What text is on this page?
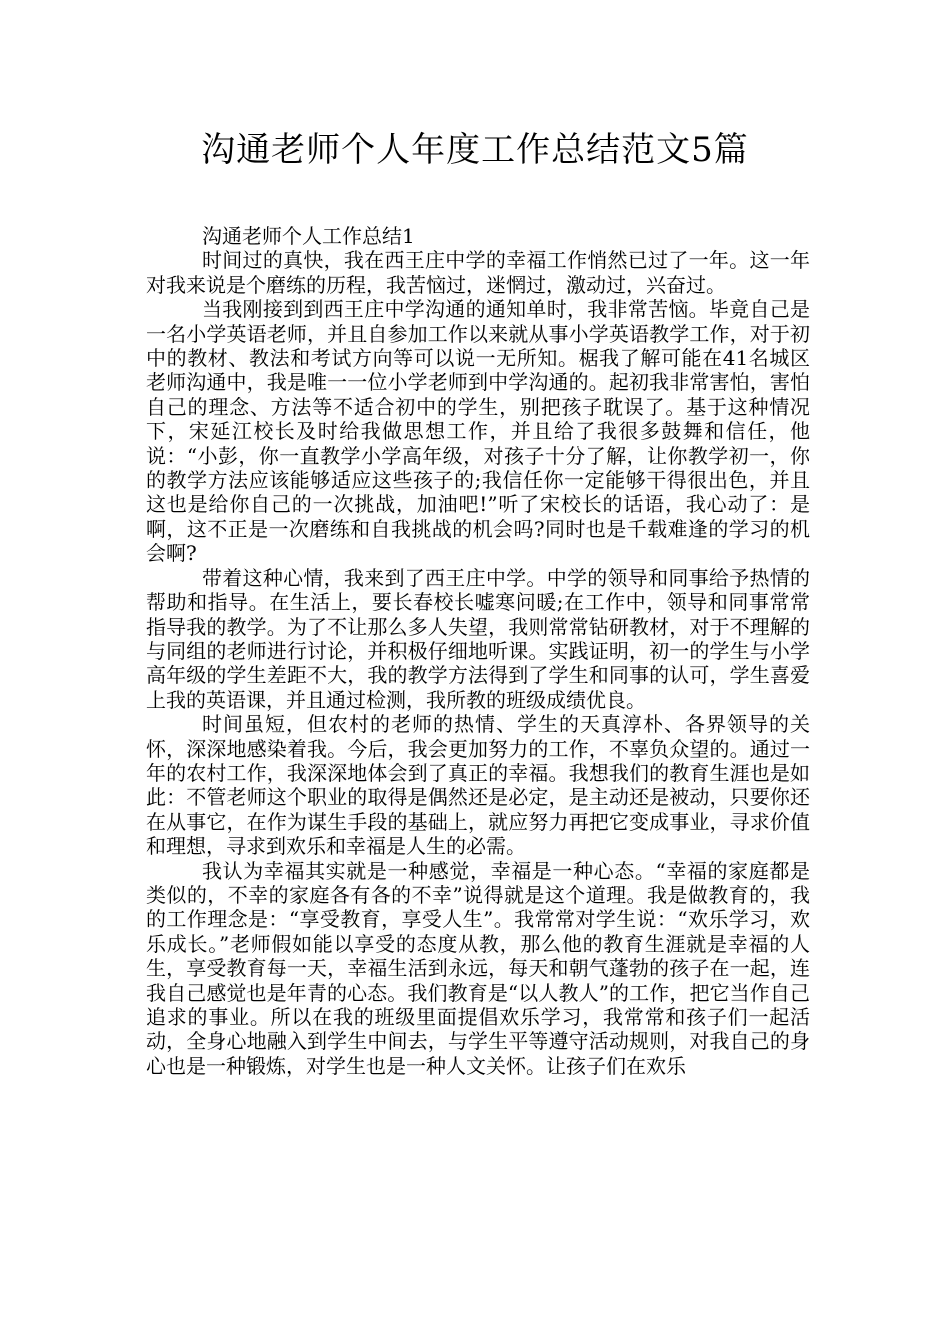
沟通老师个人年度工作总结范文5篇

沟通老师个人工作总结1

时间过的真快，我在西王庄中学的幸福工作悄然已过了一年。这一年对我来说是个磨练的历程，我苦恼过，迷惘过，激动过，兴奋过。

当我刚接到到西王庄中学沟通的通知单时，我非常苦恼。毕竟自己是一名小学英语老师，并且自参加工作以来就从事小学英语教学工作，对于初中的教材、教法和考试方向等可以说一无所知。椐我了解可能在41名城区老师沟通中，我是唯一一位小学老师到中学沟通的。起初我非常害怕，害怕自己的理念、方法等不适合初中的学生，别把孩子耽误了。基于这种情况下，宋延江校长及时给我做思想工作，并且给了我很多鼓舞和信任，他说：“小彭，你一直教学小学高年级，对孩子十分了解，让你教学初一，你的教学方法应该能够适应这些孩子的;我信任你一定能够干得很出色，并且这也是给你自己的一次挑战，加油吧!”听了宋校长的话语，我心动了：是啊，这不正是一次磨练和自我挑战的机会吗?同时也是千载难逢的学习的机会啊?

带着这种心情，我来到了西王庄中学。中学的领导和同事给予热情的帮助和指导。在生活上，要长春校长嘘寒问暖;在工作中，领导和同事常常指导我的教学。为了不让那么多人失望，我则常常钻研教材，对于不理解的与同组的老师进行讨论，并积极仔细地听课。实践证明，初一的学生与小学高年级的学生差距不大，我的教学方法得到了学生和同事的认可，学生喜爱上我的英语课，并且通过检测，我所教的班级成绩优良。

时间虽短，但农村的老师的热情、学生的天真淳朴、各界领导的关怀，深深地感染着我。今后，我会更加努力的工作，不辜负众望的。通过一年的农村工作，我深深地体会到了真正的幸福。我想我们的教育生涯也是如此：不管老师这个职业的取得是偶然还是必定，是主动还是被动，只要你还在从事它，在作为谋生手段的基础上，就应努力再把它变成事业，寻求价值和理想，寻求到欢乐和幸福是人生的必需。

我认为幸福其实就是一种感觉，幸福是一种心态。“幸福的家庭都是类似的，不幸的家庭各有各的不幸”说得就是这个道理。我是做教育的，我的工作理念是：“享受教育，享受人生”。我常常对学生说：“欢乐学习，欢乐成长。”老师假如能以享受的态度从教，那么他的教育生涯就是幸福的人生，享受教育每一天，幸福生活到永远，每天和朝气蓬勃的孩子在一起，连我自己感觉也是年青的心态。我们教育是“以人教人”的工作，把它当作自己追求的事业。所以在我的班级里面提倡欢乐学习，我常常和孩子们一起活动，全身心地融入到学生中间去，与学生平等遵守活动规则，对我自己的身心也是一种锻炼，对学生也是一种人文关怀。让孩子们在欢乐
